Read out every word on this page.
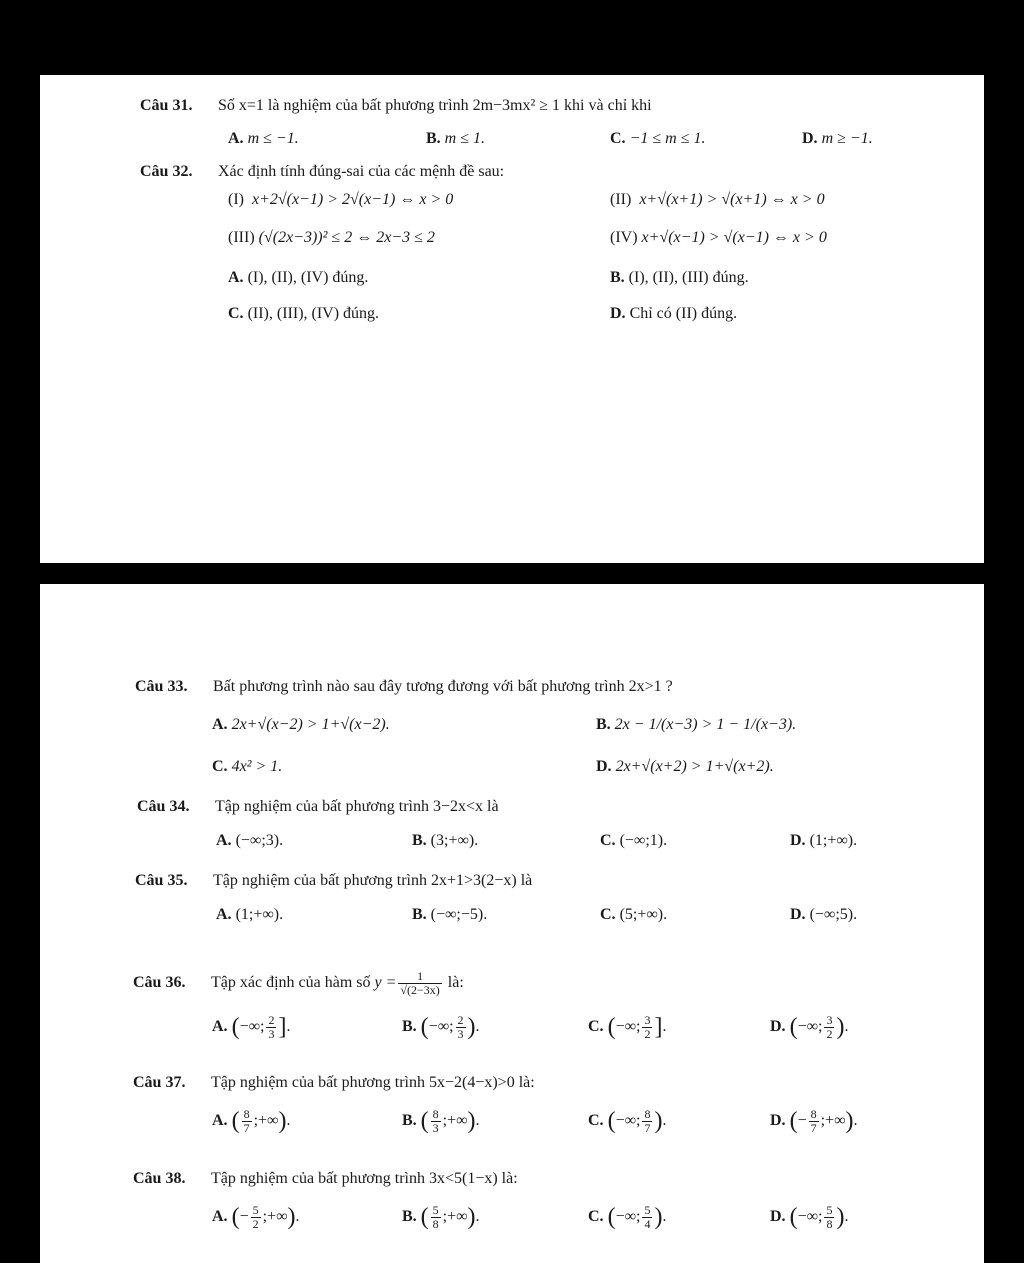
Câu 31. Số x=1 là nghiệm của bất phương trình 2m−3mx² ≥ 1 khi và chỉ khi
A. m ≤ −1.	B. m ≤ 1.	C. −1 ≤ m ≤ 1.	D. m ≥ −1.
Câu 32. Xác định tính đúng-sai của các mệnh đề sau:
(I) x+2√(x−1) > 2√(x−1) ⇔ x > 0	(II) x+√(x+1) > √(x+1) ⇔ x > 0
(III) (√(2x−3))² ≤ 2 ⇔ 2x−3 ≤ 2	(IV) x+√(x−1) > √(x−1) ⇔ x > 0
A. (I), (II), (IV) đúng.	B. (I), (II), (III) đúng.
C. (II), (III), (IV) đúng.	D. Chỉ có (II) đúng.
Câu 33. Bất phương trình nào sau đây tương đương với bất phương trình 2x>1 ?
A. 2x+√(x−2) > 1+√(x−2).	B. 2x − 1/(x−3) > 1 − 1/(x−3).
C. 4x² > 1.	D. 2x+√(x+2) > 1+√(x+2).
Câu 34. Tập nghiệm của bất phương trình 3−2x<x là
A. (−∞;3).	B. (3;+∞).	C. (−∞;1).	D. (1;+∞).
Câu 35. Tập nghiệm của bất phương trình 2x+1>3(2−x) là
A. (1;+∞).	B. (−∞;−5).	C. (5;+∞).	D. (−∞;5).
Câu 36. Tập xác định của hàm số $y = \frac{1}{√(2-3x)}$ là:
A. (−∞; $\frac{2}{3}$ ].	B. (−∞; $\frac{2}{3}$ ).	C. (−∞; $\frac{3}{2}$ ].	D. (−∞; $\frac{3}{2}$ ).
Câu 37. Tập nghiệm của bất phương trình 5x−2(4−x)>0 là:
A. ( $\frac{8}{7}$ ;+∞).	B. ( $\frac{8}{3}$ ;+∞).	C. (−∞; $\frac{8}{7}$ ).	D. (− $\frac{8}{7}$ ;+∞).
Câu 38. Tập nghiệm của bất phương trình 3x<5(1−x) là:
A. (− $\frac{5}{2}$ ;+∞).	B. ( $\frac{5}{8}$ ;+∞).	C. (−∞; $\frac{5}{4}$ ).	D. (−∞; $\frac{5}{8}$ ).
